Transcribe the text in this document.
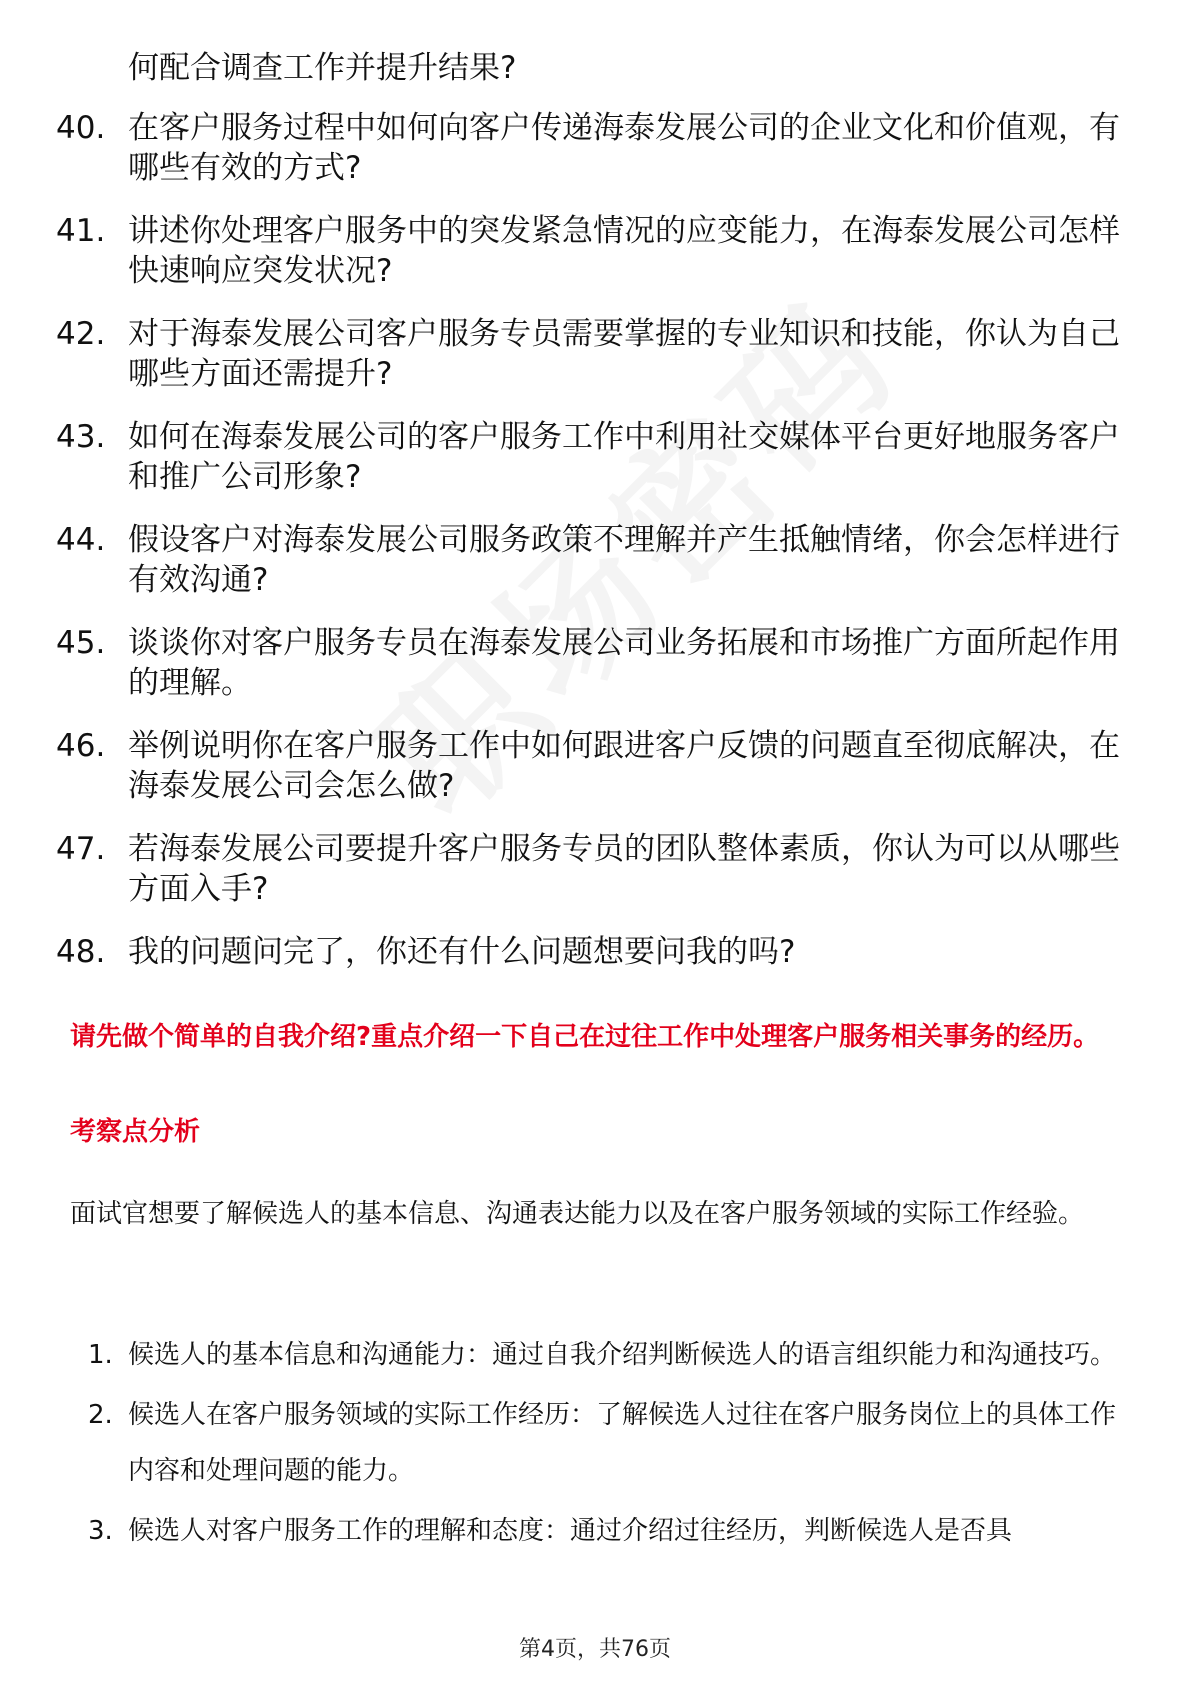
何配合调查工作并提升结果?
40. 在客户服务过程中如何向客户传递海泰发展公司的企业文化和价值观，有哪些有效的方式?
41. 讲述你处理客户服务中的突发紧急情况的应变能力，在海泰发展公司怎样快速响应突发状况?
42. 对于海泰发展公司客户服务专员需要掌握的专业知识和技能，你认为自己哪些方面还需提升?
43. 如何在海泰发展公司的客户服务工作中利用社交媒体平台更好地服务客户和推广公司形象?
44. 假设客户对海泰发展公司服务政策不理解并产生抵触情绪，你会怎样进行有效沟通?
45. 谈谈你对客户服务专员在海泰发展公司业务拓展和市场推广方面所起作用的理解。
46. 举例说明你在客户服务工作中如何跟进客户反馈的问题直至彻底解决，在海泰发展公司会怎么做?
47. 若海泰发展公司要提升客户服务专员的团队整体素质，你认为可以从哪些方面入手?
48. 我的问题问完了，你还有什么问题想要问我的吗?
请先做个简单的自我介绍?重点介绍一下自己在过往工作中处理客户服务相关事务的经历。
考察点分析
面试官想要了解候选人的基本信息、沟通表达能力以及在客户服务领域的实际工作经验。
1. 候选人的基本信息和沟通能力：通过自我介绍判断候选人的语言组织能力和沟通技巧。
2. 候选人在客户服务领域的实际工作经历：了解候选人过往在客户服务岗位上的具体工作内容和处理问题的能力。
3. 候选人对客户服务工作的理解和态度：通过介绍过往经历，判断候选人是否具
第4页，共76页
